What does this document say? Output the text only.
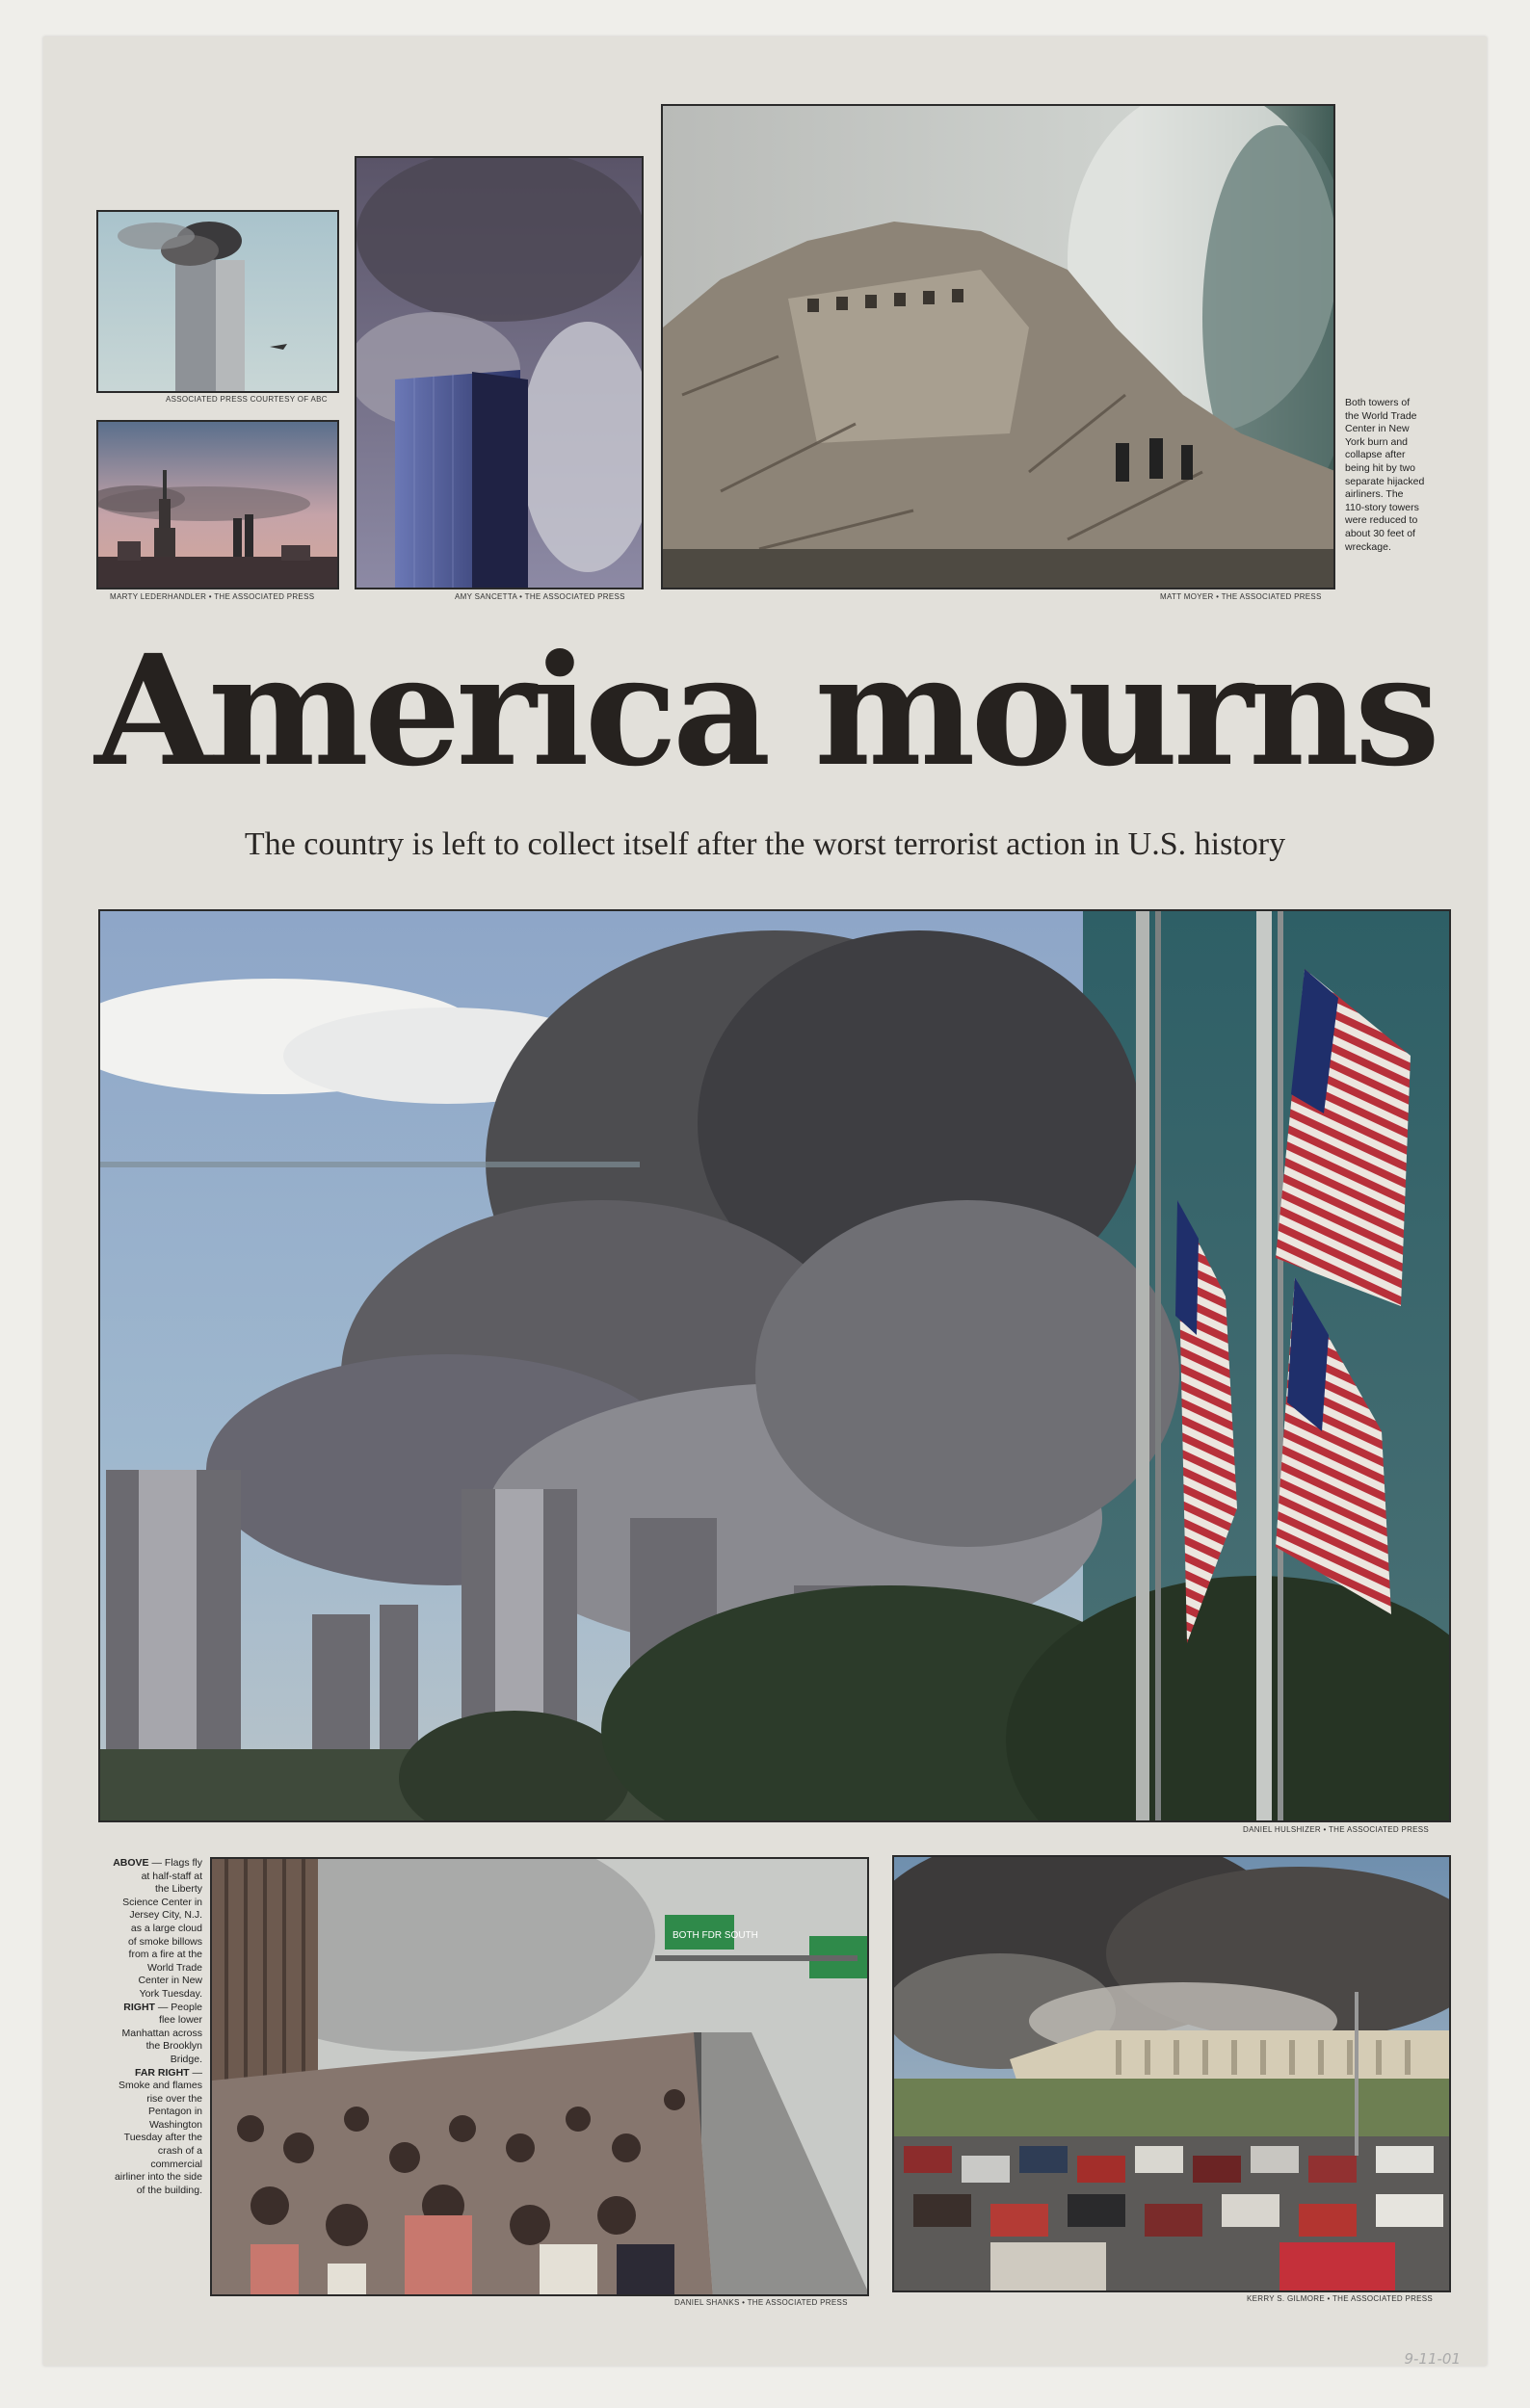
ASSOCIATED PRESS COURTESY OF ABC
MARTY LEDERHANDLER • THE ASSOCIATED PRESS	AMY SANCETTA • THE ASSOCIATED PRESS	MATT MOYER • THE ASSOCIATED PRESS
Both towers of
the World Trade
Center in New
York burn and
collapse after
being hit by two
separate hijacked
airliners. The
110-story towers
were reduced to
about 30 feet of
wreckage.
America mourns
The country is left to collect itself after the worst terrorist action in U.S. history
DANIEL HULSHIZER • THE ASSOCIATED PRESS
ABOVE — Flags fly
at half-staff at
the Liberty
Science Center in
Jersey City, N.J.
as a large cloud
of smoke billows
from a fire at the
World Trade
Center in New
York Tuesday.
RIGHT — People
flee lower
Manhattan across
the Brooklyn
Bridge.
FAR RIGHT —
Smoke and flames
rise over the
Pentagon in
Washington
Tuesday after the
crash of a
commercial
airliner into the side
of the building.
BOTH FDR SOUTH
DANIEL SHANKS • THE ASSOCIATED PRESS	KERRY S. GILMORE • THE ASSOCIATED PRESS
9-11-01
